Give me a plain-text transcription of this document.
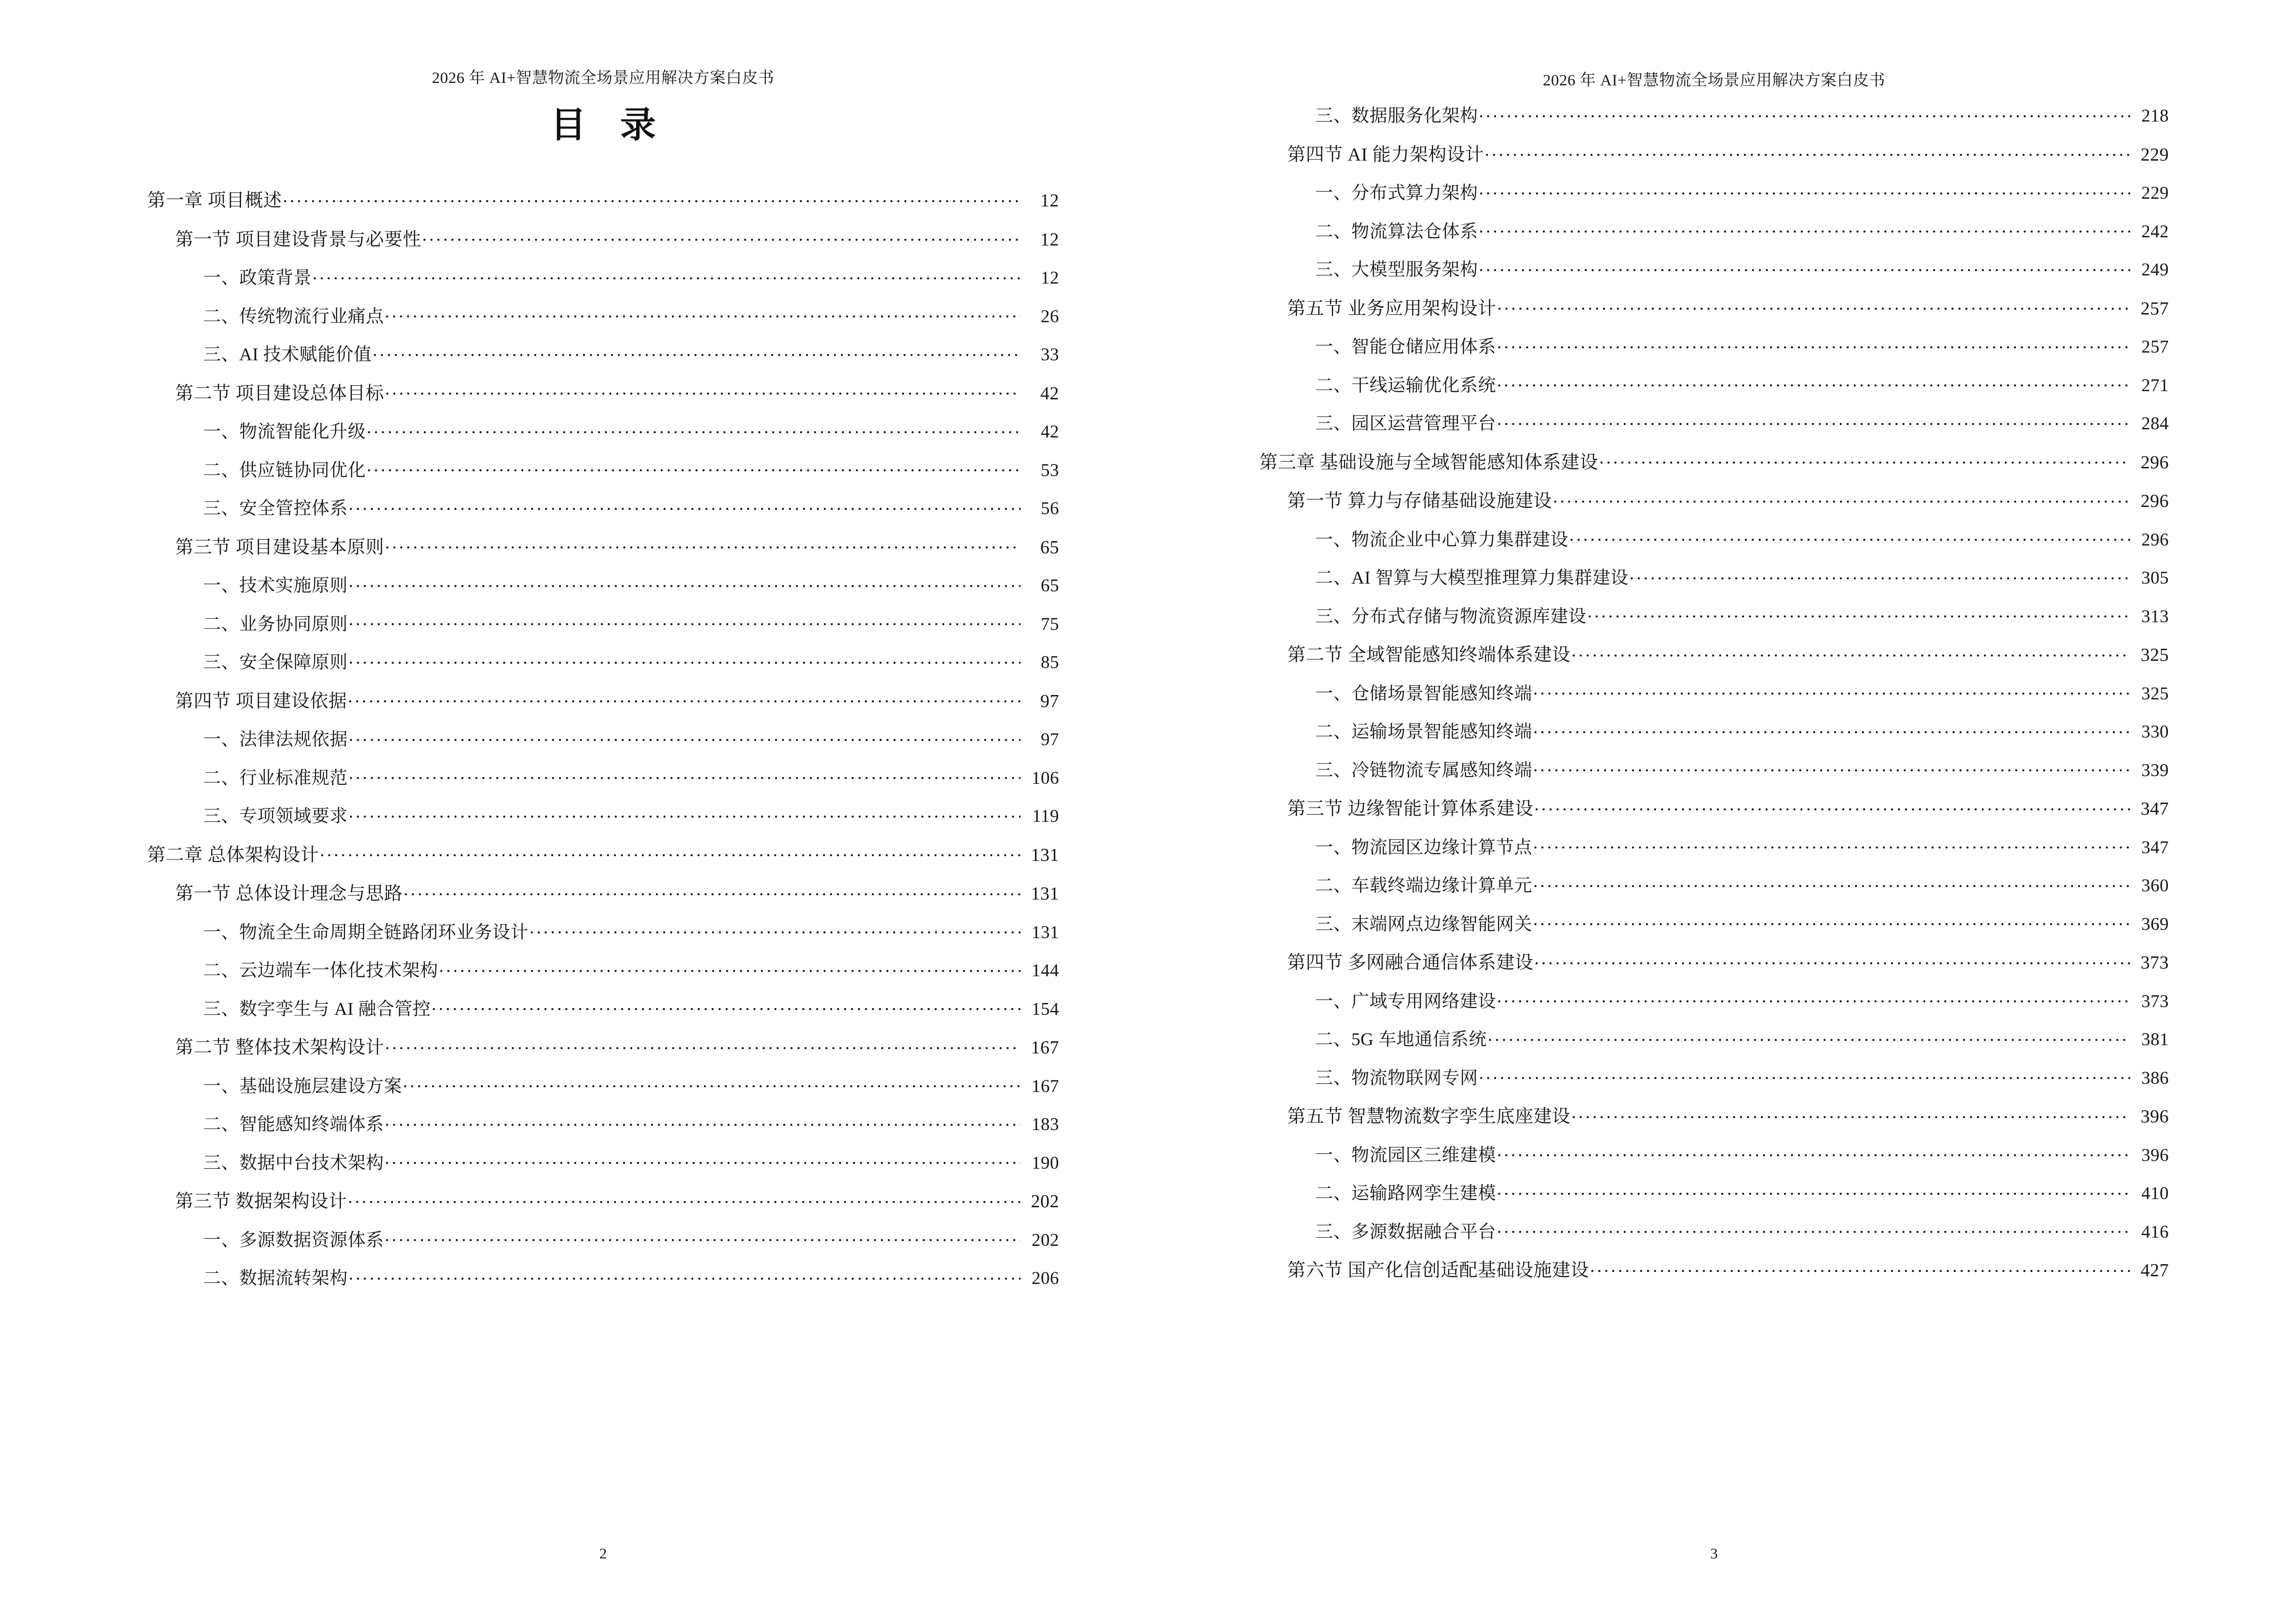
2026 年 AI+智慧物流全场景应用解决方案白皮书
目 录
第一章 项目概述 .....	12
第一节 项目建设背景与必要性 .....	12
一、政策背景 .....	12
二、传统物流行业痛点 .....	26
三、AI 技术赋能价值 .....	33
第二节 项目建设总体目标 .....	42
一、物流智能化升级 .....	42
二、供应链协同优化 .....	53
三、安全管控体系 .....	56
第三节 项目建设基本原则 .....	65
一、技术实施原则 .....	65
二、业务协同原则 .....	75
三、安全保障原则 .....	85
第四节 项目建设依据 .....	97
一、法律法规依据 .....	97
二、行业标准规范 .....	106
三、专项领域要求 .....	119
第二章 总体架构设计 .....	131
第一节 总体设计理念与思路 .....	131
一、物流全生命周期全链路闭环业务设计 .....	131
二、云边端车一体化技术架构 .....	144
三、数字孪生与 AI 融合管控 .....	154
第二节 整体技术架构设计 .....	167
一、基础设施层建设方案 .....	167
二、智能感知终端体系 .....	183
三、数据中台技术架构 .....	190
第三节 数据架构设计 .....	202
一、多源数据资源体系 .....	202
二、数据流转架构 .....	206
2
2026 年 AI+智慧物流全场景应用解决方案白皮书
三、数据服务化架构 .....	218
第四节 AI 能力架构设计 .....	229
一、分布式算力架构 .....	229
二、物流算法仓体系 .....	242
三、大模型服务架构 .....	249
第五节 业务应用架构设计 .....	257
一、智能仓储应用体系 .....	257
二、干线运输优化系统 .....	271
三、园区运营管理平台 .....	284
第三章 基础设施与全域智能感知体系建设 .....	296
第一节 算力与存储基础设施建设 .....	296
一、物流企业中心算力集群建设 .....	296
二、AI 智算与大模型推理算力集群建设 .....	305
三、分布式存储与物流资源库建设 .....	313
第二节 全域智能感知终端体系建设 .....	325
一、仓储场景智能感知终端 .....	325
二、运输场景智能感知终端 .....	330
三、冷链物流专属感知终端 .....	339
第三节 边缘智能计算体系建设 .....	347
一、物流园区边缘计算节点 .....	347
二、车载终端边缘计算单元 .....	360
三、末端网点边缘智能网关 .....	369
第四节 多网融合通信体系建设 .....	373
一、广域专用网络建设 .....	373
二、5G 车地通信系统 .....	381
三、物流物联网专网 .....	386
第五节 智慧物流数字孪生底座建设 .....	396
一、物流园区三维建模 .....	396
二、运输路网孪生建模 .....	410
三、多源数据融合平台 .....	416
第六节 国产化信创适配基础设施建设 .....	427
3
